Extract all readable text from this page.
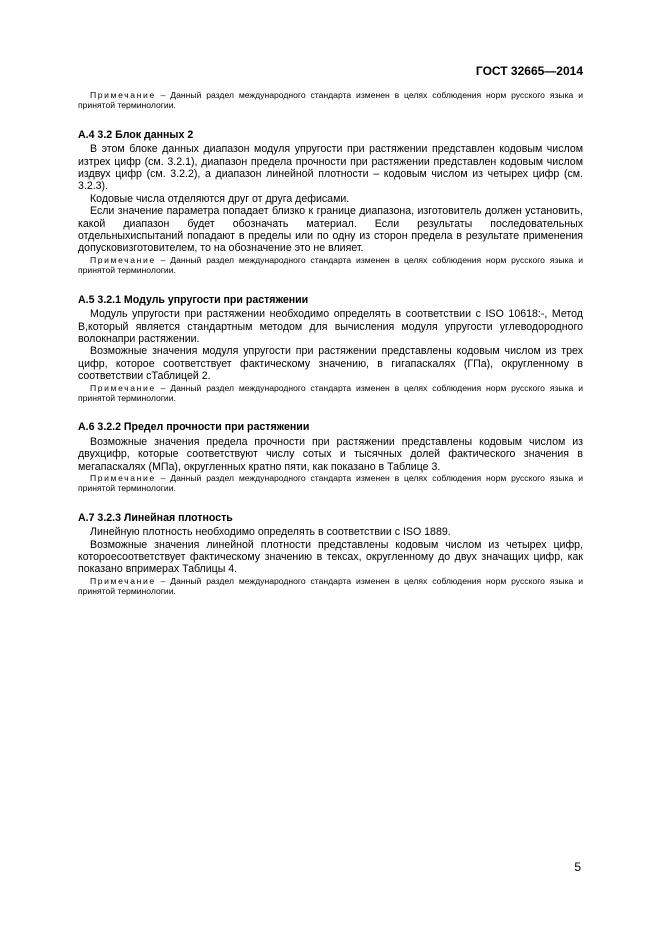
ГОСТ 32665—2014

Примечание – Данный раздел международного стандарта изменен в целях соблюдения норм русского языка и принятой терминологии.

А.4 3.2 Блок данных 2

В этом блоке данных диапазон модуля упругости при растяжении представлен кодовым числом изтрех цифр (см. 3.2.1), диапазон предела прочности при растяжении представлен кодовым числом издвух цифр (см. 3.2.2), а диапазон линейной плотности – кодовым числом из четырех цифр (см. 3.2.3).

Кодовые числа отделяются друг от друга дефисами.

Если значение параметра попадает близко к границе диапазона, изготовитель должен установить, какой диапазон будет обозначать материал. Если результаты последовательных отдельныхиспытаний попадают в пределы или по одну из сторон предела в результате применения допусковизготовителем, то на обозначение это не влияет.

Примечание – Данный раздел международного стандарта изменен в целях соблюдения норм русского языка и принятой терминологии.

А.5 3.2.1 Модуль упругости при растяжении

Модуль упругости при растяжении необходимо определять в соответствии с ISO 10618:-, Метод В,который является стандартным методом для вычисления модуля упругости углеводородного волокнапри растяжении.

Возможные значения модуля упругости при растяжении представлены кодовым числом из трех цифр, которое соответствует фактическому значению, в гигапаскалях (ГПа), округленному в соответствии сТаблицей 2.

Примечание – Данный раздел международного стандарта изменен в целях соблюдения норм русского языка и принятой терминологии.

А.6 3.2.2 Предел прочности при растяжении

Возможные значения предела прочности при растяжении представлены кодовым числом из двухцифр, которые соответствуют числу сотых и тысячных долей фактического значения в мегапаскалях (МПа), округленных кратно пяти, как показано в Таблице 3.

Примечание – Данный раздел международного стандарта изменен в целях соблюдения норм русского языка и принятой терминологии.

А.7 3.2.3 Линейная плотность

Линейную плотность необходимо определять в соответствии с ISO 1889.

Возможные значения линейной плотности представлены кодовым числом из четырех цифр, котороесоответствует фактическому значению в тексах, округленному до двух значащих цифр, как показано впримерах Таблицы 4.

Примечание – Данный раздел международного стандарта изменен в целях соблюдения норм русского языка и принятой терминологии.

5
